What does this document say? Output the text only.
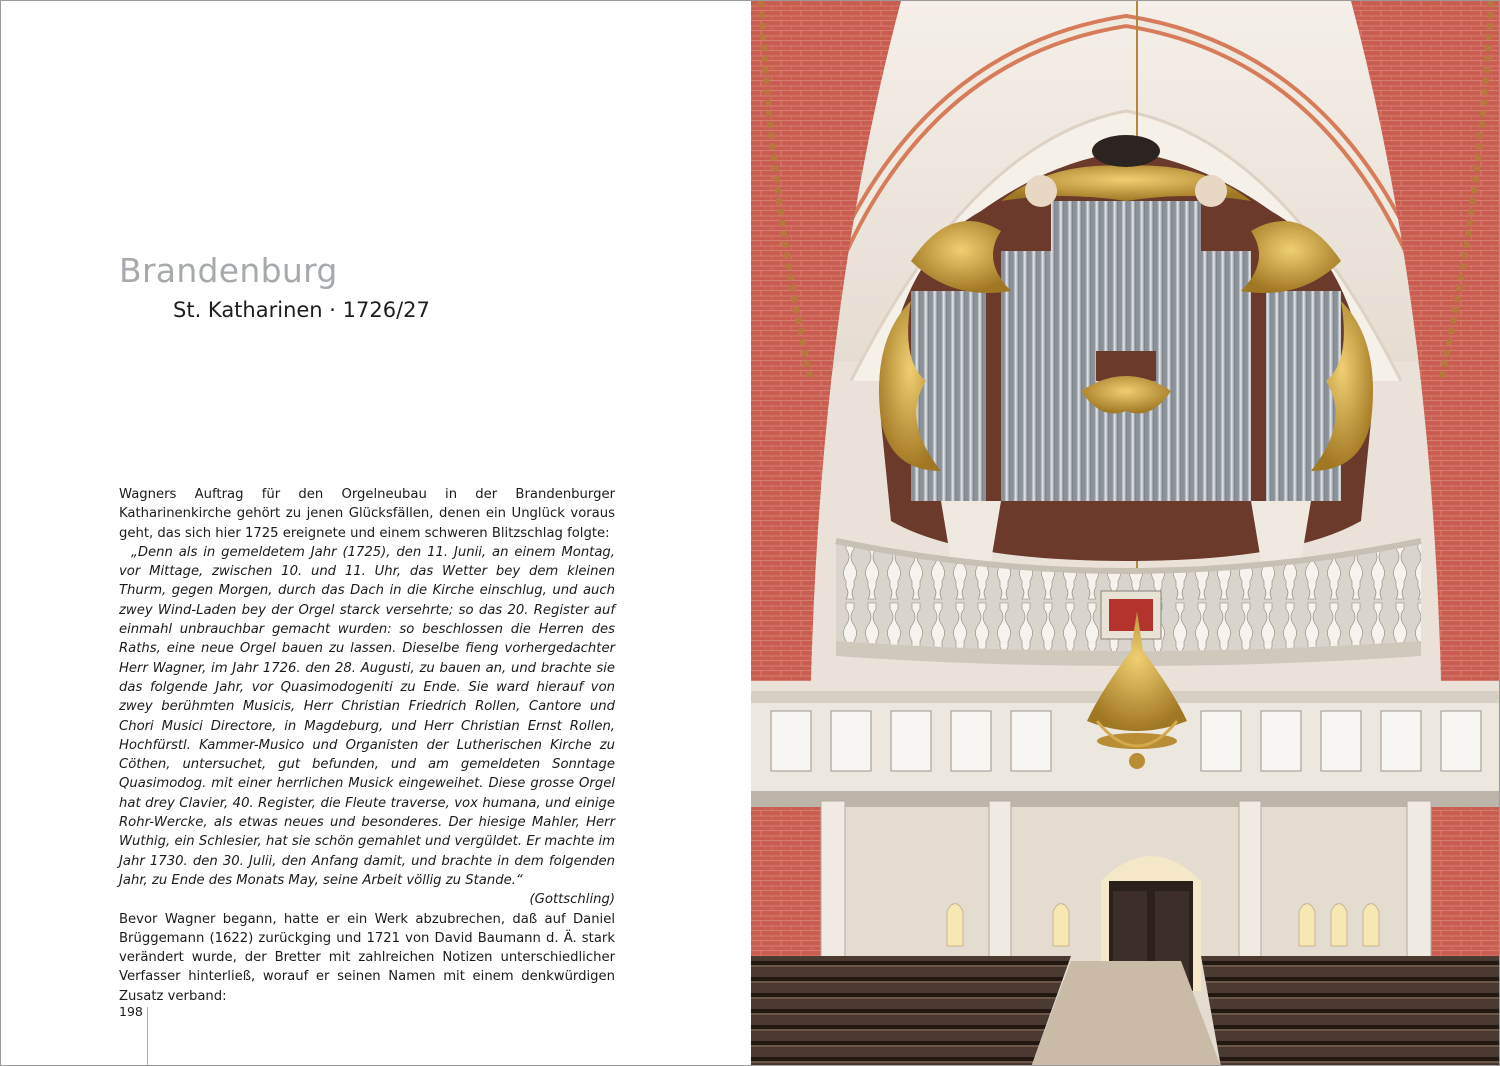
Brandenburg
St. Katharinen · 1726/27

Wagners Auftrag für den Orgelneubau in der Brandenburger Katharinenkirche gehört zu jenen Glücksfällen, denen ein Unglück voraus geht, das sich hier 1725 ereignete und einem schweren Blitzschlag folgte:

„Denn als in gemeldetem Jahr (1725), den 11. Junii, an einem Montag, vor Mittage, zwischen 10. und 11. Uhr, das Wetter bey dem kleinen Thurm, gegen Morgen, durch das Dach in die Kirche einschlug, und auch zwey Wind-Laden bey der Orgel starck versehrte; so das 20. Register auf einmahl unbrauchbar gemacht wurden: so beschlossen die Herren des Raths, eine neue Orgel bauen zu lassen. Dieselbe fieng vorhergedachter Herr Wagner, im Jahr 1726. den 28. Augusti, zu bauen an, und brachte sie das folgende Jahr, vor Quasimodogeniti zu Ende. Sie ward hierauf von zwey berühmten Musicis, Herr Christian Friedrich Rollen, Cantore und Chori Musici Directore, in Magdeburg, und Herr Christian Ernst Rollen, Hochfürstl. Kammer-Musico und Organisten der Lutherischen Kirche zu Cöthen, untersuchet, gut befunden, und am gemeldeten Sonntage Quasimodog. mit einer herrlichen Musick eingeweihet. Diese grosse Orgel hat drey Clavier, 40. Register, die Fleute traverse, vox humana, und einige Rohr-Wercke, als etwas neues und besonderes. Der hiesige Mahler, Herr Wuthig, ein Schlesier, hat sie schön gemahlet und vergüldet. Er machte im Jahr 1730. den 30. Julii, den Anfang damit, und brachte in dem folgenden Jahr, zu Ende des Monats May, seine Arbeit völlig zu Stande.“

(Gottschling)

Bevor Wagner begann, hatte er ein Werk abzubrechen, daß auf Daniel Brüggemann (1622) zurückging und 1721 von David Baumann d. Ä. stark verändert wurde, der Bretter mit zahlreichen Notizen unterschiedlicher Verfasser hinterließ, worauf er seinen Namen mit einem denkwürdigen Zusatz verband:

198
